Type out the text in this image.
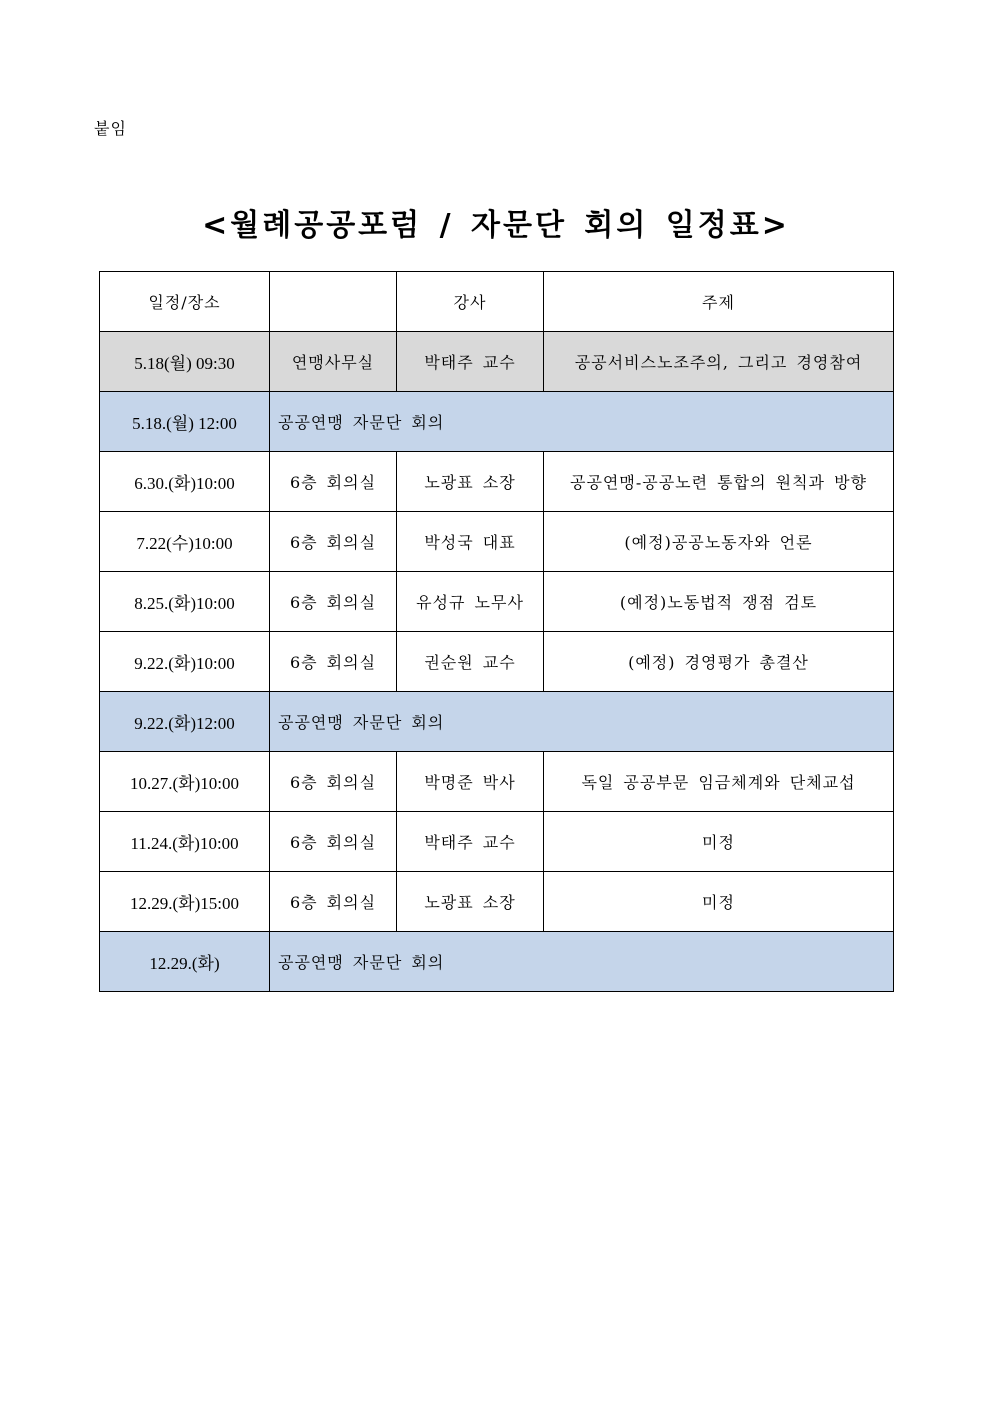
붙임
<월례공공포럼 / 자문단 회의 일정표>
일정/장소		강사	주제
5.18(월) 09:30	연맹사무실	박태주 교수	공공서비스노조주의, 그리고 경영참여
5.18.(월) 12:00	공공연맹 자문단 회의		
6.30.(화)10:00	6층 회의실	노광표 소장	공공연맹-공공노련 통합의 원칙과 방향
7.22(수)10:00	6층 회의실	박성국 대표	(예정)공공노동자와 언론
8.25.(화)10:00	6층 회의실	유성규 노무사	(예정)노동법적 쟁점 검토
9.22.(화)10:00	6층 회의실	권순원 교수	(예정) 경영평가 총결산
9.22.(화)12:00	공공연맹 자문단 회의		
10.27.(화)10:00	6층 회의실	박명준 박사	독일 공공부문 임금체계와 단체교섭
11.24.(화)10:00	6층 회의실	박태주 교수	미정
12.29.(화)15:00	6층 회의실	노광표 소장	미정
12.29.(화)	공공연맹 자문단 회의		
